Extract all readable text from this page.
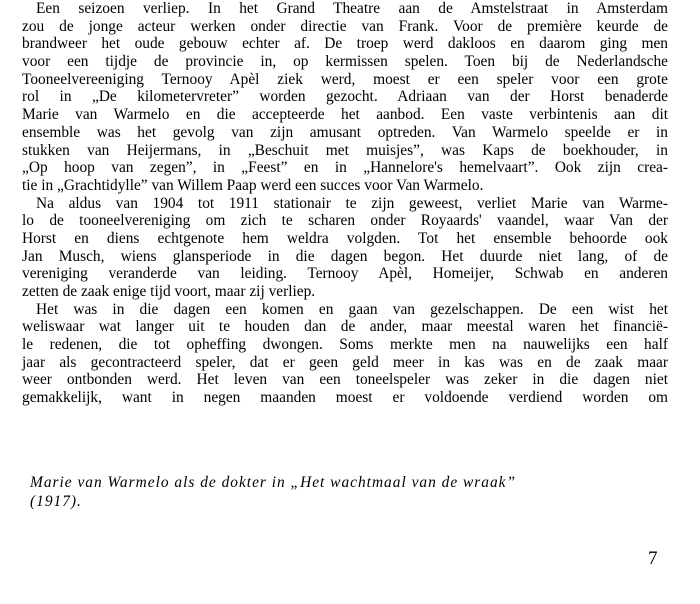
Een seizoen verliep. In het Grand Theatre aan de Amstelstraat in Amsterdam
zou de jonge acteur werken onder directie van Frank. Voor de première keurde de
brandweer het oude gebouw echter af. De troep werd dakloos en daarom ging men
voor een tijdje de provincie in, op kermissen spelen. Toen bij de Nederlandsche
Tooneelvereeniging Ternooy Apèl ziek werd, moest er een speler voor een grote
rol in „De kilometervreter” worden gezocht. Adriaan van der Horst benaderde
Marie van Warmelo en die accepteerde het aanbod. Een vaste verbintenis aan dit
ensemble was het gevolg van zijn amusant optreden. Van Warmelo speelde er in
stukken van Heijermans, in „Beschuit met muisjes”, was Kaps de boekhouder, in
„Op hoop van zegen”, in „Feest” en in „Hannelore's hemelvaart”. Ook zijn crea-
tie in „Grachtidylle” van Willem Paap werd een succes voor Van Warmelo.
Na aldus van 1904 tot 1911 stationair te zijn geweest, verliet Marie van Warme-
lo de tooneelvereniging om zich te scharen onder Royaards' vaandel, waar Van der
Horst en diens echtgenote hem weldra volgden. Tot het ensemble behoorde ook
Jan Musch, wiens glansperiode in die dagen begon. Het duurde niet lang, of de
vereniging veranderde van leiding. Ternooy Apèl, Homeijer, Schwab en anderen
zetten de zaak enige tijd voort, maar zij verliep.
Het was in die dagen een komen en gaan van gezelschappen. De een wist het
weliswaar wat langer uit te houden dan de ander, maar meestal waren het financië-
le redenen, die tot opheffing dwongen. Soms merkte men na nauwelijks een half
jaar als gecontracteerd speler, dat er geen geld meer in kas was en de zaak maar
weer ontbonden werd. Het leven van een toneelspeler was zeker in die dagen niet
gemakkelijk, want in negen maanden moest er voldoende verdiend worden om
Marie van Warmelo als de dokter in „Het wachtmaal van de wraak”
(1917).
7
